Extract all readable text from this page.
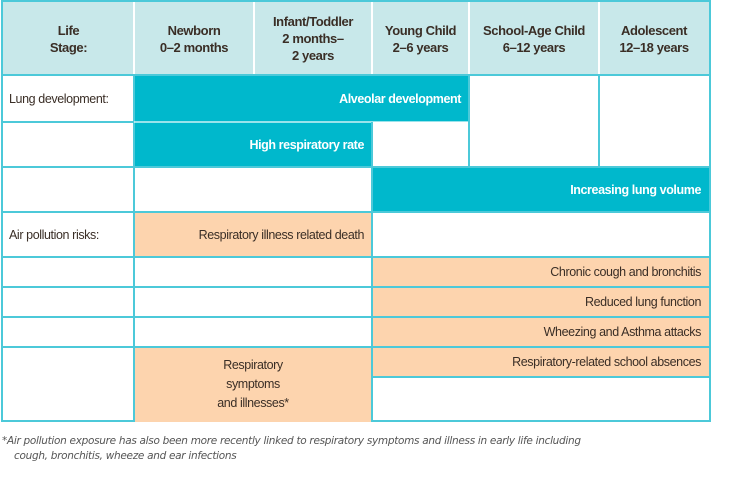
Life
Stage:
Newborn
0–2 months
Infant/Toddler
2 months–
2 years
Young Child
2–6 years
School-Age Child
6–12 years
Adolescent
12–18 years
Lung development:	Alveolar development
High respiratory rate
Increasing lung volume
Air pollution risks:	Respiratory illness related death
Chronic cough and bronchitis
Reduced lung function
Wheezing and Asthma attacks
Respiratory-related school absences
Respiratory
symptoms
and illnesses*
*Air pollution exposure has also been more recently linked to respiratory symptoms and illness in early life including
cough, bronchitis, wheeze and ear infections
